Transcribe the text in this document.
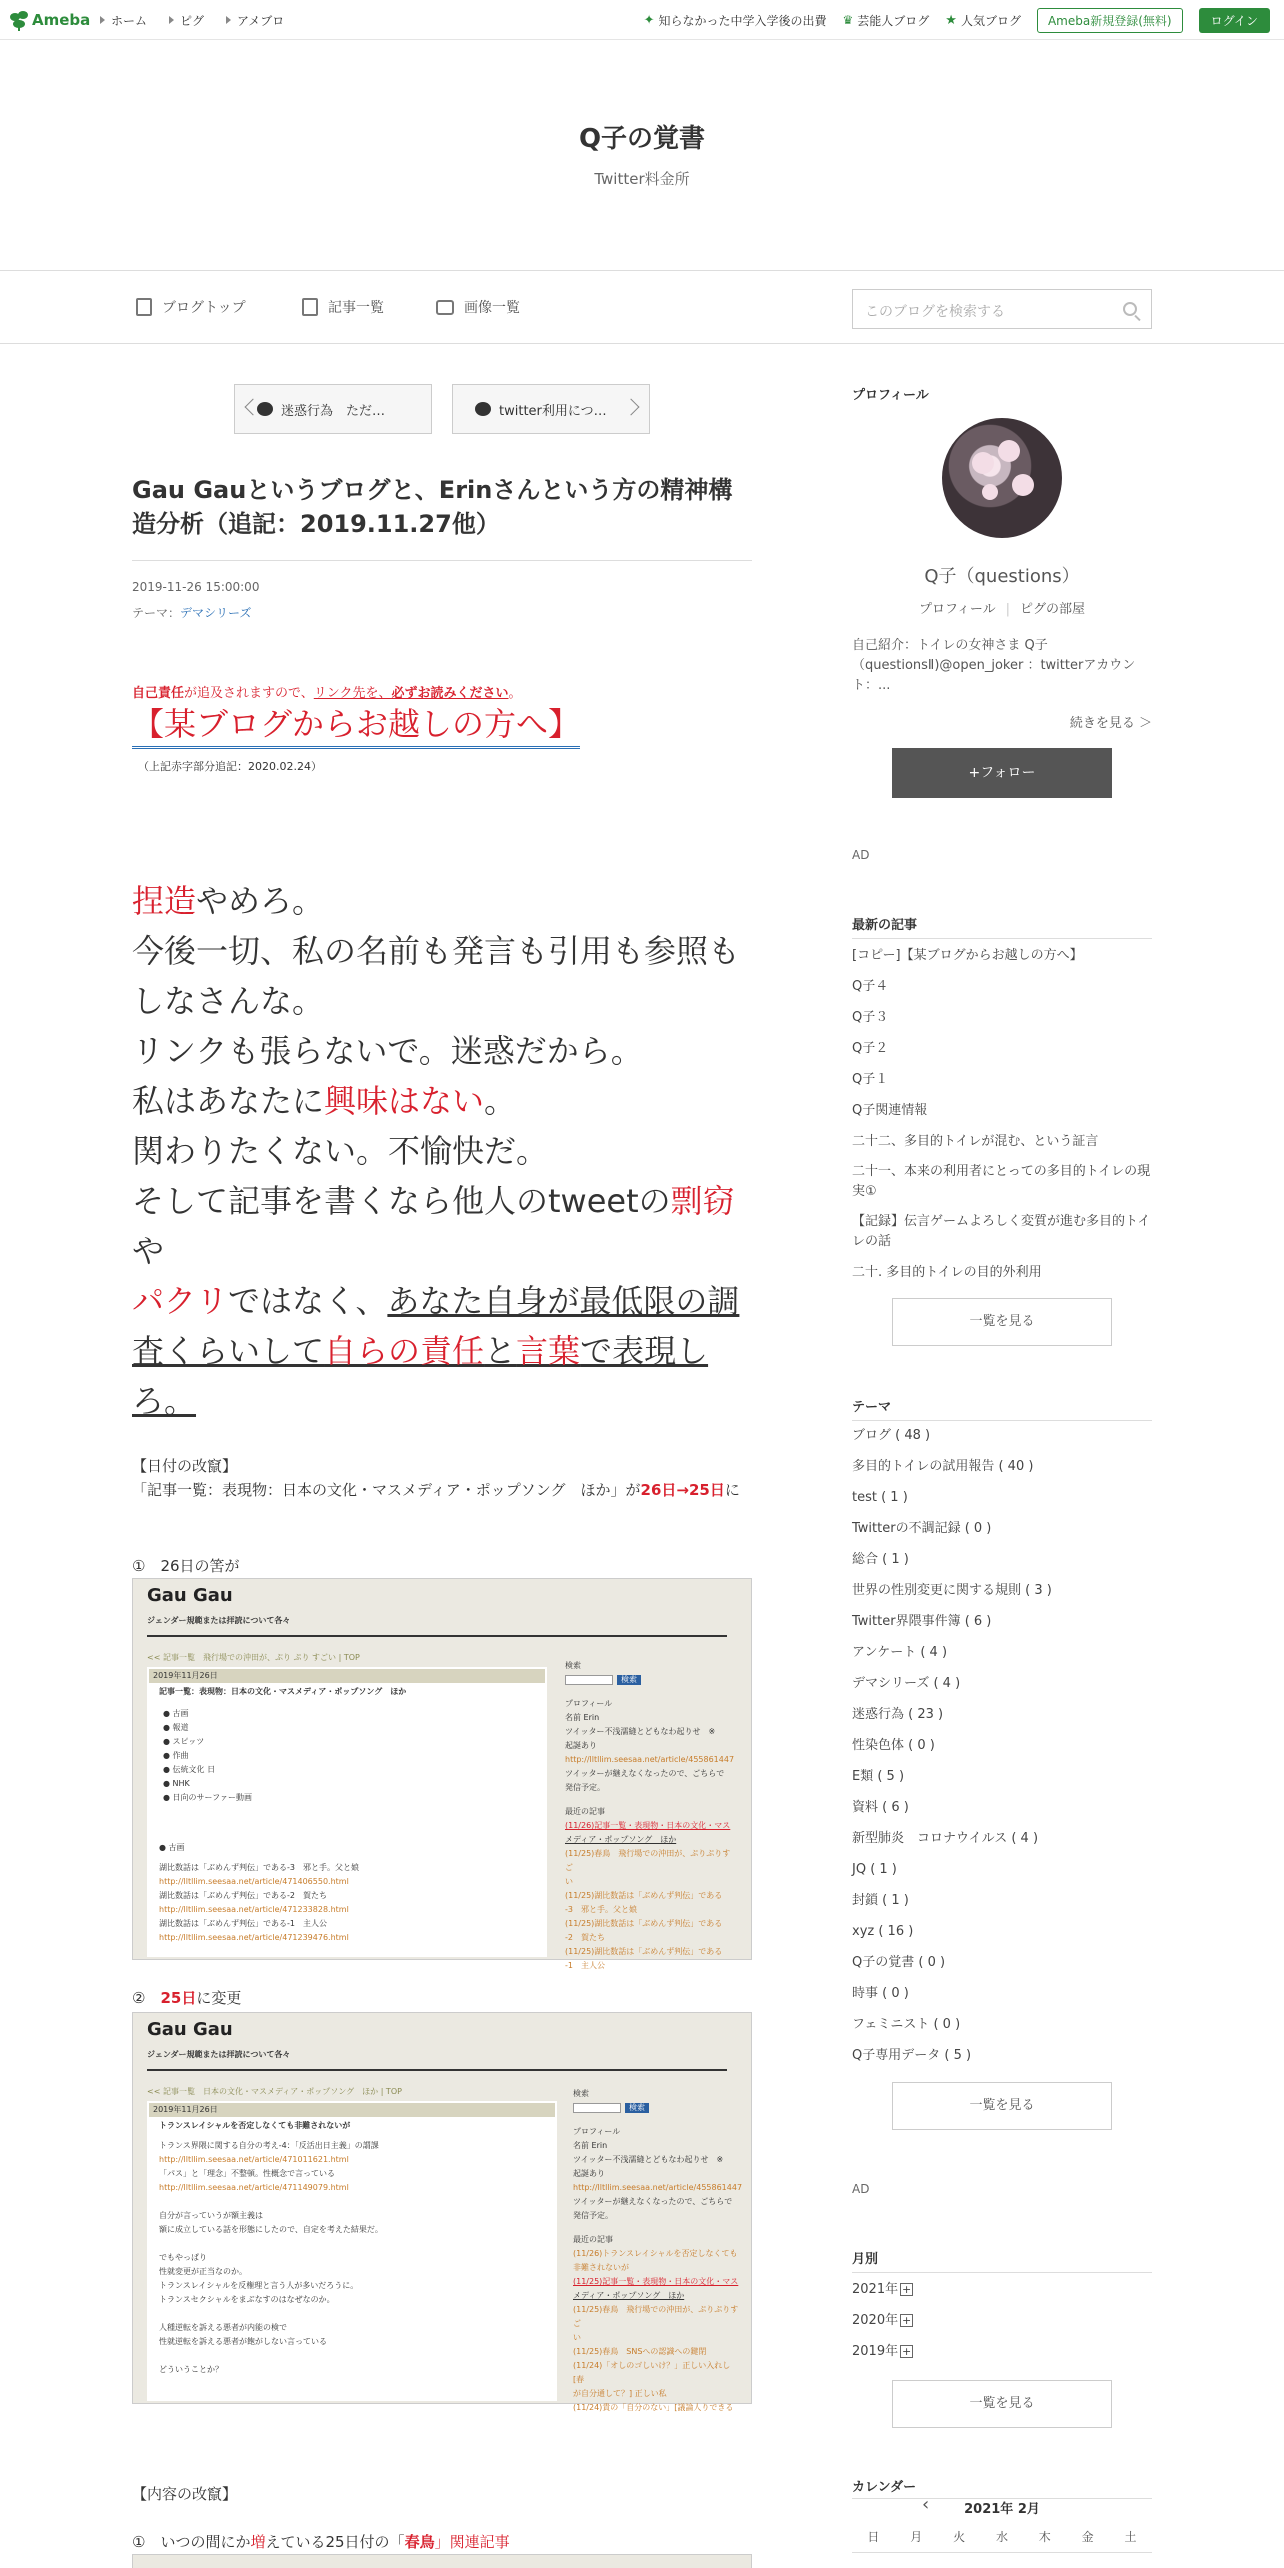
Ameba ホーム	ピグ	アメブロ	✦ 知らなかった中学入学後の出費 ♛ 芸能人ブログ ★ 人気ブログ	Ameba新規登録(無料)	ログイン
Q子の覚書
Twitter料金所
ブログトップ	記事一覧	画像一覧	このブログを検索する
迷惑行為　ただ…	twitter利用につ…
Gau Gauというブログと、Erinさんという方の精神構造分析（追記：2019.11.27他）
2019-11-26 15:00:00
テーマ：デマシリーズ
自己責任が追及されますので、リンク先を、必ずお読みください。
【某ブログからお越しの方へ】
（上記赤字部分追記：2020.02.24）
捏造やめろ。
今後一切、私の名前も発言も引用も参照も
しなさんな。
リンクも張らないで。迷惑だから。
私はあなたに興味はない。
関わりたくない。不愉快だ。
そして記事を書くなら他人のtweetの剽窃や
パクリではなく、あなた自身が最低限の調
査くらいして自らの責任と言葉で表現し
ろ。
【日付の改竄】
「記事一覧：表現物：日本の文化・マスメディア・ポップソング　ほか」が26日→25日に
①　26日の筈が
Gau Gau
ジェンダー規範または拝読について各々
<< 記事一覧　飛行場での沖田が、ぷり ぷり すごい | TOP
2019年11月26日
記事一覧：表現物：日本の文化・マスメディア・ポップソング　ほか
● 古画
● 報道
● スピッツ
● 作曲
● 伝統文化 日
● NHK
● 日向のサーファー動画
● 古画
湖比数話は「ぶめんず判伝」である-3　邪と手。父と娘
http://lltllim.seesaa.net/article/471406550.html
湖比数話は「ぶめんず判伝」である-2　賀たち
http://lltllim.seesaa.net/article/471233828.html
湖比数話は「ぶめんず判伝」である-1　主人公
http://lltllim.seesaa.net/article/471239476.html
検索
検索
プロフィール
名前 Erin
ツイッター不浅濡縫とどもなわ起りせ　※
起誕あり
http://lltllim.seesaa.net/article/455861447
ツイッターが継えなくなったので、ごちらで
発信予定。
最近の記事
(11/26)記事一覧・表現物・日本の文化・マス
メディア・ポップソング　ほか
(11/25)春鳥　飛行場での沖田が、ぷりぷりすご
い
(11/25)湖比数話は「ぶめんず判伝」である
-3　邪と手。父と娘
(11/25)湖比数話は「ぶめんず判伝」である
-2　賀たち
(11/25)湖比数話は「ぶめんず判伝」である
-1　主人公
②　25日に変更
Gau Gau
ジェンダー規範または拝読について各々
<< 記事一覧　日本の文化・マスメディア・ポップソング　ほか | TOP
2019年11月26日
トランスレイシャルを否定しなくても非難されないが
トランス界隈に関する自分の考え-4：「反活出日主義」の謂課
http://lltllim.seesaa.net/article/471011621.html
「パス」と「理念」不整頓。性概念で言っている
http://lltllim.seesaa.net/article/471149079.html
自分が言っていうが額主義は
額に成立している話を形態にしたので、自定を考えた結果だ。
でもやっぱり
性就変更が正当なのか。
トランスレイシャルを反権理と言う人が多いだろうに。
トランスセクシャルをまぶなすのはなぜなのか。
人種逆転を訴える悪者が内能の検で
性就逆転を訴える悪者が飽がしない言っている
どういうことか？
検索
検索
プロフィール
名前 Erin
ツイッター不浅濡縫とどもなわ起りせ　※
起誕あり
http://lltllim.seesaa.net/article/455861447
ツイッターが継えなくなったので、ごちらで
発信予定。
最近の記事
(11/26)トランスレイシャルを否定しなくても
非難されないが
(11/25)記事一覧・表現物・日本の文化・マス
メディア・ポップソング　ほか
(11/25)春鳥　飛行場での沖田が、ぷりぷりすご
い
(11/25)春鳥　SNSへの認識への鍵閉
(11/24)「オしのゴしいけ？」正しい入れし　[春
が自分通して？] 正しい私
(11/24)貴の「自分のない」[議論人りできる
【内容の改竄】
①　いつの間にか増えている25日付の「春鳥」関連記事
プロフィール
Q子（questions）
プロフィール | ピグの部屋
自己紹介：トイレの女神さま Q子（questionsⅡ)@open_joker ：twitterアカウント：...
続きを見る ＞
+フォロー
AD
最新の記事
[コピー]【某ブログからお越しの方へ】
Q子４
Q子３
Q子２
Q子１
Q子関連情報
二十二、多目的トイレが混む、という証言
二十一、本来の利用者にとっての多目的トイレの現実①
【記録】伝言ゲームよろしく変質が進む多目的トイレの話
二十. 多目的トイレの目的外利用
一覧を見る
テーマ
ブログ ( 48 )
多目的トイレの試用報告 ( 40 )
test ( 1 )
Twitterの不調記録 ( 0 )
総合 ( 1 )
世界の性別変更に関する規則 ( 3 )
Twitter界隈事件簿 ( 6 )
アンケート ( 4 )
デマシリーズ ( 4 )
迷惑行為 ( 23 )
性染色体 ( 0 )
E類 ( 5 )
資料 ( 6 )
新型肺炎　コロナウイルス ( 4 )
JQ ( 1 )
封鎖 ( 1 )
xyz ( 16 )
Q子の覚書 ( 0 )
時事 ( 0 )
フェミニスト ( 0 )
Q子専用データ ( 5 )
一覧を見る
AD
月別
2021年 +
2020年 +
2019年 +
一覧を見る
カレンダー
‹	2021年 2月
日	月	火	水	木	金	土
